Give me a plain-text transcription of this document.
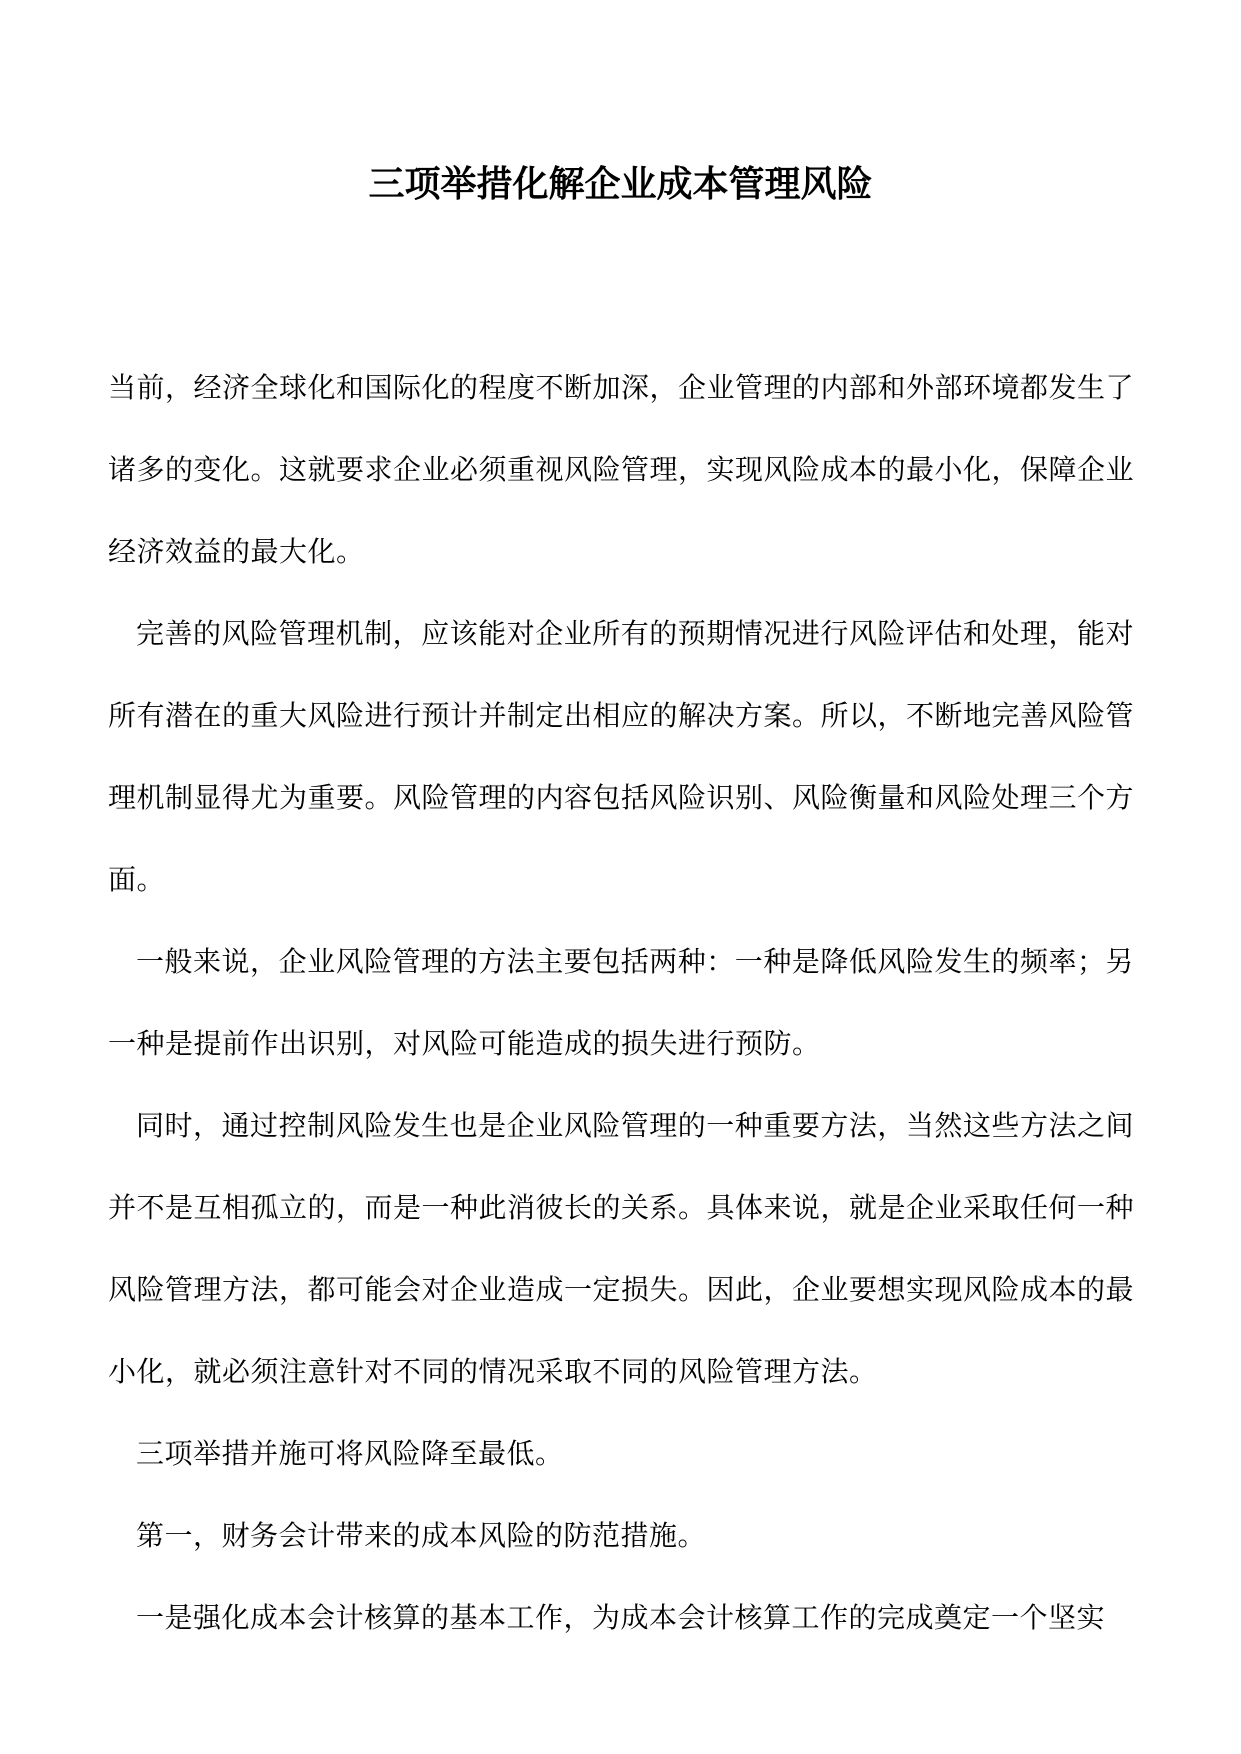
三项举措化解企业成本管理风险

当前，经济全球化和国际化的程度不断加深，企业管理的内部和外部环境都发生了诸多的变化。这就要求企业必须重视风险管理，实现风险成本的最小化，保障企业经济效益的最大化。

完善的风险管理机制，应该能对企业所有的预期情况进行风险评估和处理，能对所有潜在的重大风险进行预计并制定出相应的解决方案。所以，不断地完善风险管理机制显得尤为重要。风险管理的内容包括风险识别、风险衡量和风险处理三个方面。

一般来说，企业风险管理的方法主要包括两种：一种是降低风险发生的频率；另一种是提前作出识别，对风险可能造成的损失进行预防。

同时，通过控制风险发生也是企业风险管理的一种重要方法，当然这些方法之间并不是互相孤立的，而是一种此消彼长的关系。具体来说，就是企业采取任何一种风险管理方法，都可能会对企业造成一定损失。因此，企业要想实现风险成本的最小化，就必须注意针对不同的情况采取不同的风险管理方法。

三项举措并施可将风险降至最低。

第一，财务会计带来的成本风险的防范措施。

一是强化成本会计核算的基本工作，为成本会计核算工作的完成奠定一个坚实
